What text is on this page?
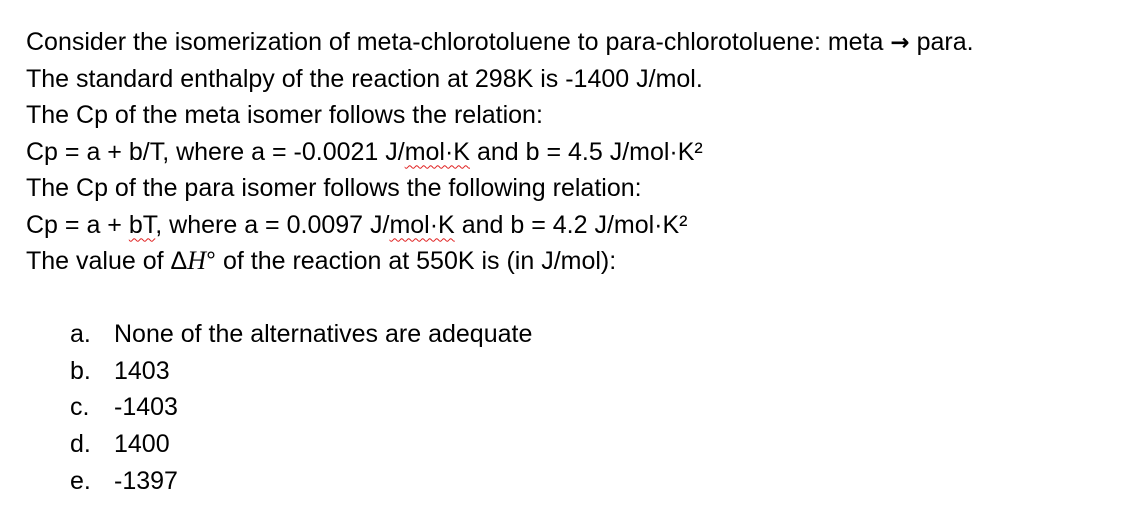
Consider the isomerization of meta-chlorotoluene to para-chlorotoluene: meta → para.
The standard enthalpy of the reaction at 298K is -1400 J/mol.
The Cp of the meta isomer follows the relation:
Cp = a + b/T, where a = -0.0021 J/mol·K and b = 4.5 J/mol·K²
The Cp of the para isomer follows the following relation:
Cp = a + bT, where a = 0.0097 J/mol·K and b = 4.2 J/mol·K²
The value of ΔH° of the reaction at 550K is (in J/mol):
a. None of the alternatives are adequate
b. 1403
c. -1403
d. 1400
e. -1397
